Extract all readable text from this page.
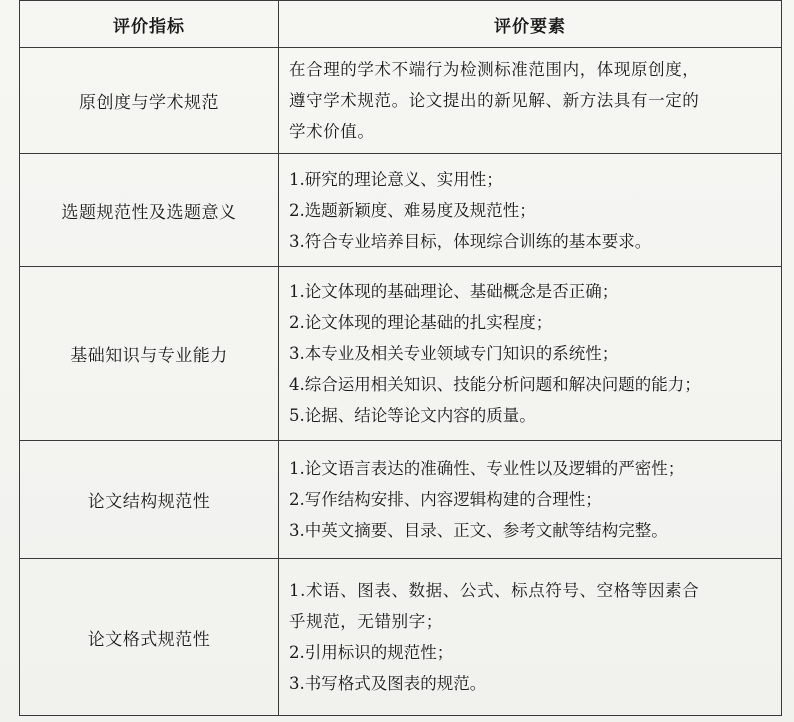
评价指标	评价要素
原创度与学术规范	在合理的学术不端行为检测标准范围内，体现原创度，
遵守学术规范。论文提出的新见解、新方法具有一定的
学术价值。

选题规范性及选题意义	1.研究的理论意义、实用性；
2.选题新颖度、难易度及规范性；
3.符合专业培养目标，体现综合训练的基本要求。

基础知识与专业能力	1.论文体现的基础理论、基础概念是否正确；
2.论文体现的理论基础的扎实程度；
3.本专业及相关专业领域专门知识的系统性；
4.综合运用相关知识、技能分析问题和解决问题的能力；
5.论据、结论等论文内容的质量。

论文结构规范性	1.论文语言表达的准确性、专业性以及逻辑的严密性；
2.写作结构安排、内容逻辑构建的合理性；
3.中英文摘要、目录、正文、参考文献等结构完整。

论文格式规范性	1.术语、图表、数据、公式、标点符号、空格等因素合
乎规范，无错别字；
2.引用标识的规范性；
3.书写格式及图表的规范。
